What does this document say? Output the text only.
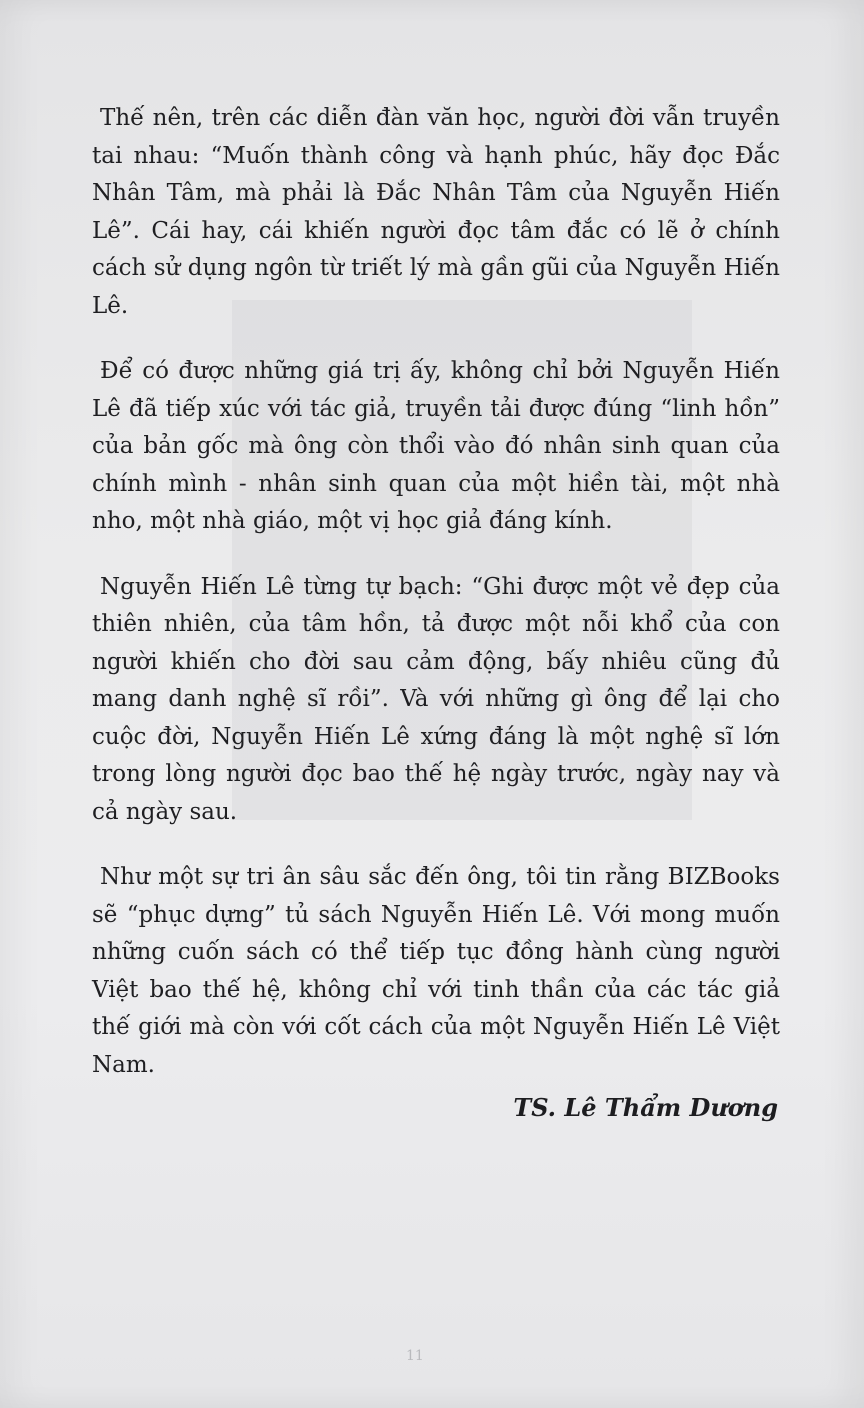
Thế nên, trên các diễn đàn văn học, người đời vẫn truyền tai nhau: “Muốn thành công và hạnh phúc, hãy đọc Đắc Nhân Tâm, mà phải là Đắc Nhân Tâm của Nguyễn Hiến Lê”. Cái hay, cái khiến người đọc tâm đắc có lẽ ở chính cách sử dụng ngôn từ triết lý mà gần gũi của Nguyễn Hiến Lê.

Để có được những giá trị ấy, không chỉ bởi Nguyễn Hiến Lê đã tiếp xúc với tác giả, truyền tải được đúng “linh hồn” của bản gốc mà ông còn thổi vào đó nhân sinh quan của chính mình - nhân sinh quan của một hiền tài, một nhà nho, một nhà giáo, một vị học giả đáng kính.

Nguyễn Hiến Lê từng tự bạch: “Ghi được một vẻ đẹp của thiên nhiên, của tâm hồn, tả được một nỗi khổ của con người khiến cho đời sau cảm động, bấy nhiêu cũng đủ mang danh nghệ sĩ rồi”. Và với những gì ông để lại cho cuộc đời, Nguyễn Hiến Lê xứng đáng là một nghệ sĩ lớn trong lòng người đọc bao thế hệ ngày trước, ngày nay và cả ngày sau.

Như một sự tri ân sâu sắc đến ông, tôi tin rằng BIZBooks sẽ “phục dựng” tủ sách Nguyễn Hiến Lê. Với mong muốn những cuốn sách có thể tiếp tục đồng hành cùng người Việt bao thế hệ, không chỉ với tinh thần của các tác giả thế giới mà còn với cốt cách của một Nguyễn Hiến Lê Việt Nam.

TS. Lê Thẩm Dương
11
